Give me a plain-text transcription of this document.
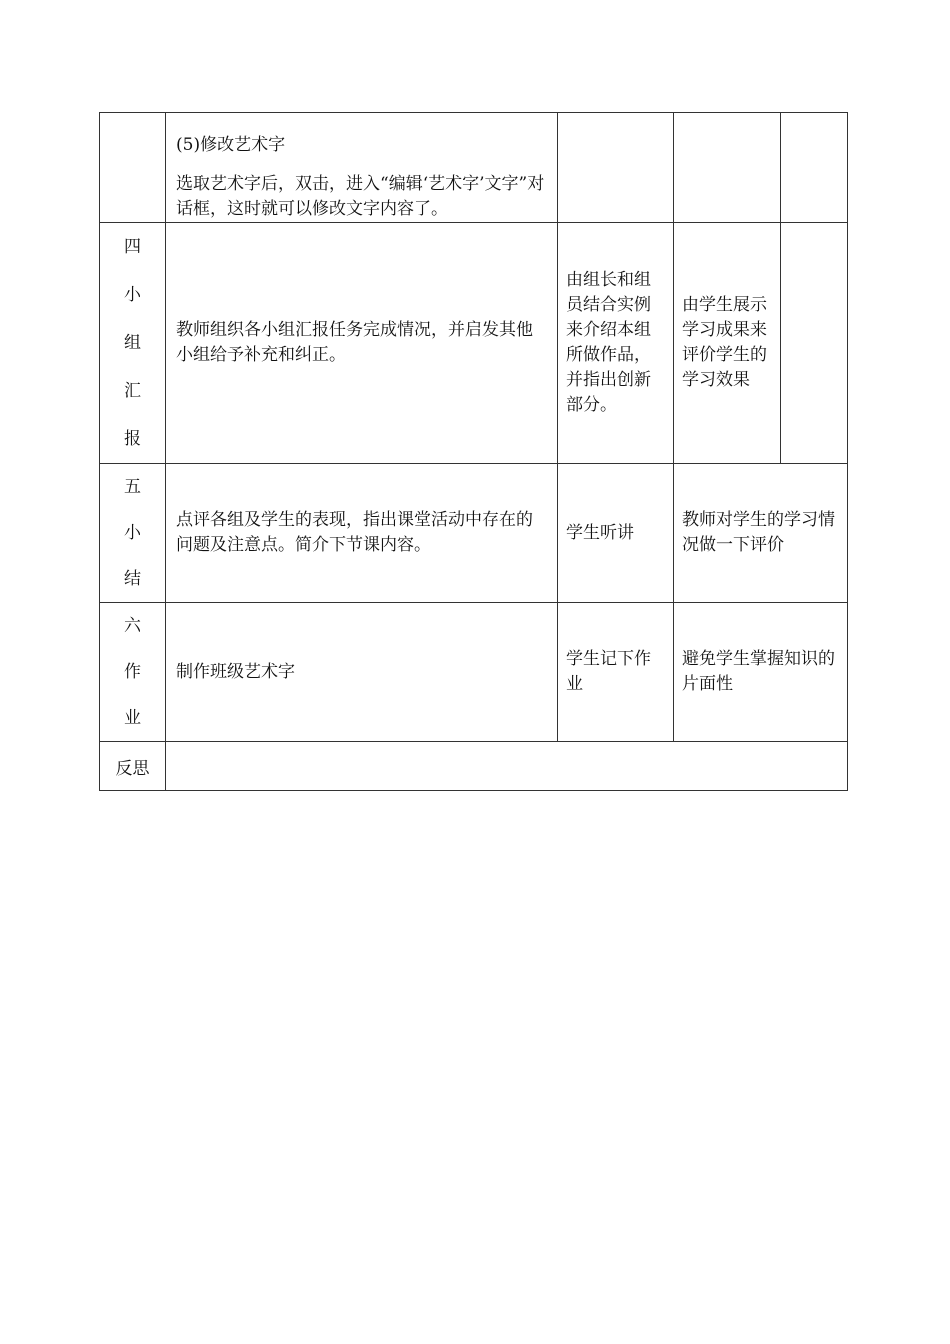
	(5)修改艺术字
选取艺术字后，双击，进入“编辑‘艺术字’文字”对话框，这时就可以修改文字内容了。			

四
小
组
汇
报	教师组织各小组汇报任务完成情况，并启发其他小组给予补充和纠正。	由组长和组员结合实例来介绍本组所做作品，并指出创新部分。	由学生展示学习成果来评价学生的学习效果	

五
小
结	点评各组及学生的表现，指出课堂活动中存在的问题及注意点。简介下节课内容。	学生听讲	教师对学生的学习情况做一下评价	

六
作
业	制作班级艺术字	学生记下作业	避免学生掌握知识的片面性	
反思				
